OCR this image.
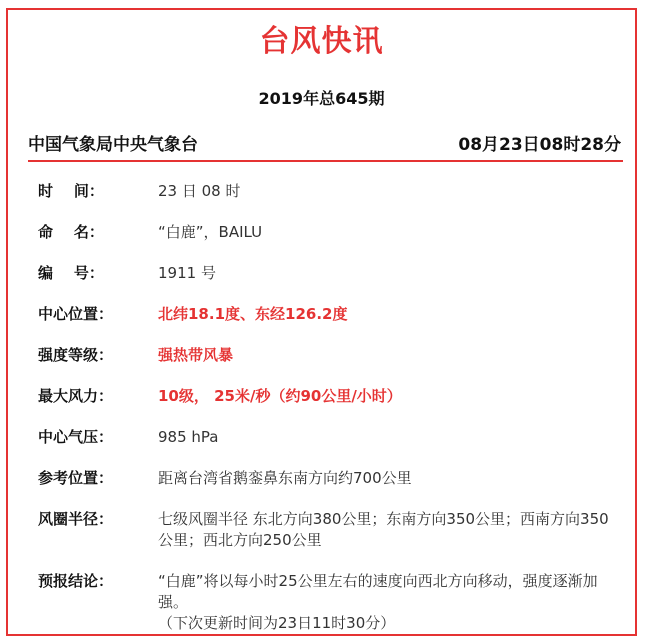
台风快讯
2019年总645期
中国气象局中央气象台	08月23日08时28分
时    间：	23 日 08 时
命    名：	“白鹿”，BAILU
编    号：	1911 号
中心位置：	北纬18.1度、东经126.2度
强度等级：	强热带风暴
最大风力：	10级， 25米/秒（约90公里/小时）
中心气压：	985 hPa
参考位置：	距离台湾省鹅銮鼻东南方向约700公里
风圈半径：	七级风圈半径 东北方向380公里；东南方向350公里；西南方向350公里；西北方向250公里
预报结论：	“白鹿”将以每小时25公里左右的速度向西北方向移动，强度逐渐加强。
（下次更新时间为23日11时30分）
